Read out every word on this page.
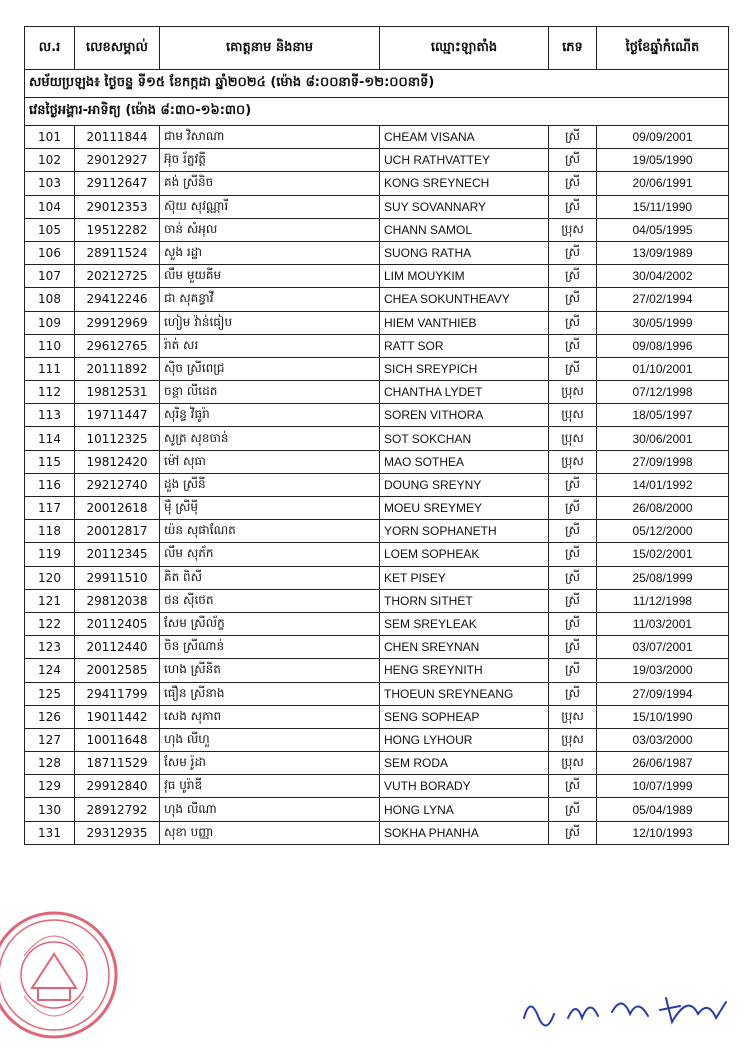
ល.រ	លេខសម្គាល់	គោត្តនាម និងនាម	ឈ្មោះឡាតាំង	ភេទ	ថ្ងៃខែឆ្នាំកំណើត
សម័យប្រឡង៖ ថ្ងៃចន្ទ ទី១៥ ខែកក្កដា ឆ្នាំ២០២៤ (ម៉ោង ៨:០០នាទី-១២:០០នាទី)					
វេនថ្ងៃអង្គារ-អាទិត្យ (ម៉ោង ៨:៣០-១៦:៣០)					
101	20111844	ជាម វិសាណា	CHEAM VISANA	ស្រី	09/09/2001
102	29012927	អ៊ុច រ័ត្នវត្តី	UCH RATHVATTEY	ស្រី	19/05/1990
103	29112647	គង់ ស្រីនិច	KONG SREYNECH	ស្រី	20/06/1991
104	29012353	ស៊ុយ សុវណ្ណារី	SUY SOVANNARY	ស្រី	15/11/1990
105	19512282	ចាន់ សំអុល	CHANN SAMOL	ប្រុស	04/05/1995
106	28911524	សួង រដ្ឋា	SUONG RATHA	ស្រី	13/09/1989
107	20212725	លឹម មួយគីម	LIM MOUYKIM	ស្រី	30/04/2002
108	29412246	ជា សុគន្ធាវី	CHEA SOKUNTHEAVY	ស្រី	27/02/1994
109	29912969	ហៀម វ៉ាន់ធៀប	HIEM VANTHIEB	ស្រី	30/05/1999
110	29612765	រ៉ាត់ សរ	RATT SOR	ស្រី	09/08/1996
111	20111892	ស៊ិច ស្រីពេជ្រ	SICH SREYPICH	ស្រី	01/10/2001
112	19812531	ចន្ថា លីដេត	CHANTHA LYDET	ប្រុស	07/12/1998
113	19711447	សុរិន្ទ វិធូរ៉ា	SOREN VITHORA	ប្រុស	18/05/1997
114	10112325	សូត្រ សុខចាន់	SOT SOKCHAN	ប្រុស	30/06/2001
115	19812420	ម៉ៅ សុធា	MAO SOTHEA	ប្រុស	27/09/1998
116	29212740	ដួង ស្រីនី	DOUNG SREYNY	ស្រី	14/01/1992
117	20012618	ម៉ឺ ស្រីម៉ី	MOEU SREYMEY	ស្រី	26/08/2000
118	20012817	យ៉ន សុផាណែត	YORN SOPHANETH	ស្រី	05/12/2000
119	20112345	លឹម សុភ័ក	LOEM SOPHEAK	ស្រី	15/02/2001
120	29911510	គិត ពិសី	KET PISEY	ស្រី	25/08/1999
121	29812038	ថន ស៊ីថេត	THORN SITHET	ស្រី	11/12/1998
122	20112405	សែម ស្រីល័ក្ខ	SEM SREYLEAK	ស្រី	11/03/2001
123	20112440	ចិន ស្រីណាន់	CHEN SREYNAN	ស្រី	03/07/2001
124	20012585	ហេង ស្រីនិត	HENG SREYNITH	ស្រី	19/03/2000
125	29411799	ធឿន ស្រីនាង	THOEUN SREYNEANG	ស្រី	27/09/1994
126	19011442	សេង សុភាព	SENG SOPHEAP	ប្រុស	15/10/1990
127	10011648	ហុង លីហួ	HONG LYHOUR	ប្រុស	03/03/2000
128	18711529	សែម រ៉ូដា	SEM RODA	ប្រុស	26/06/1987
129	29912840	វុធ បូរ៉ាឌី	VUTH BORADY	ស្រី	10/07/1999
130	28912792	ហុង លីណា	HONG LYNA	ស្រី	05/04/1989
131	29312935	សុខា បញ្ញា	SOKHA PHANHA	ស្រី	12/10/1993
